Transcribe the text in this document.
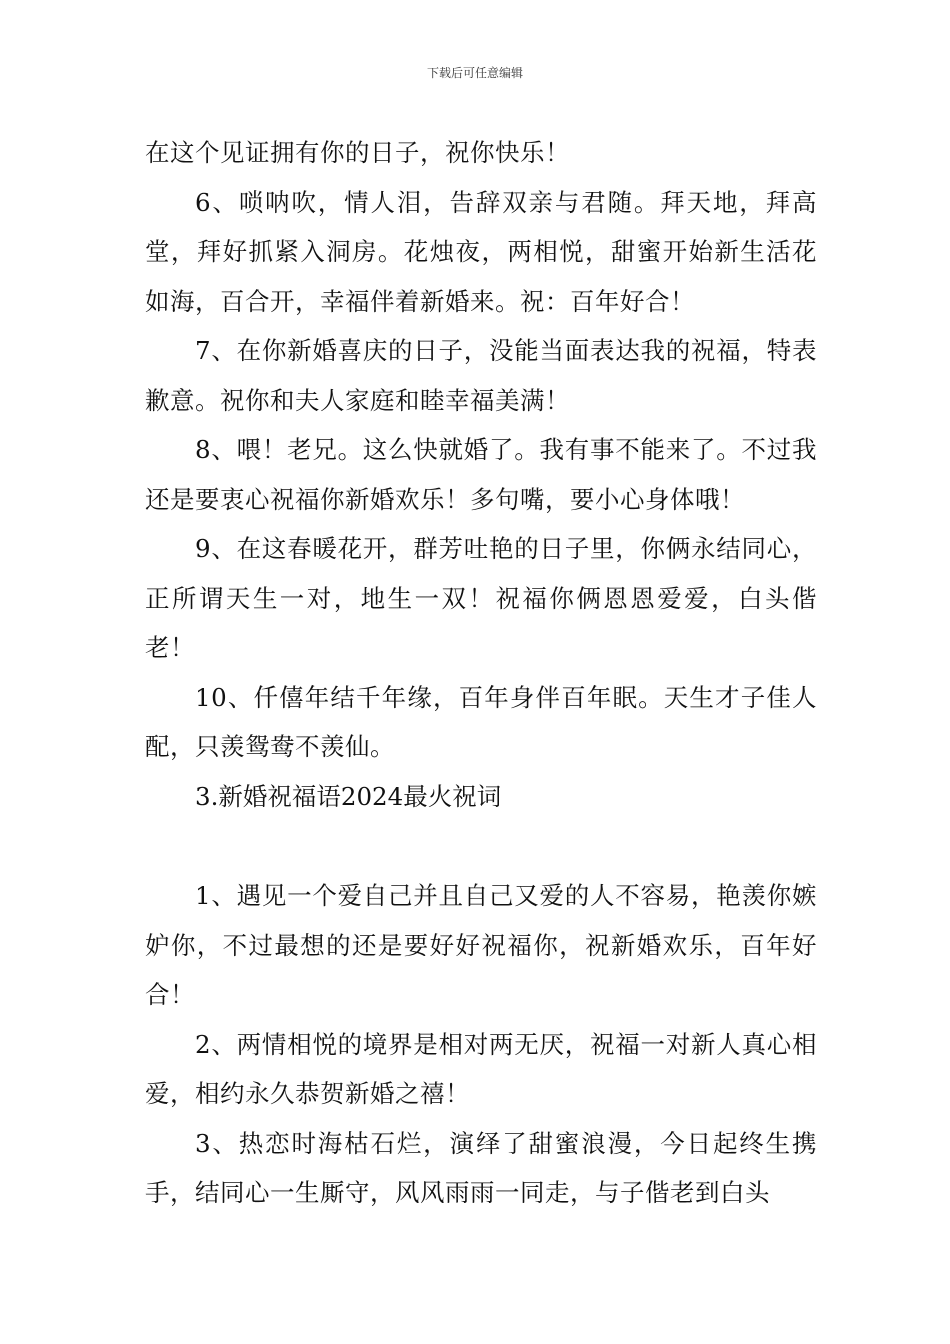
下载后可任意编辑

在这个见证拥有你的日子，祝你快乐！

6、唢呐吹，情人泪，告辞双亲与君随。拜天地，拜高堂，拜好抓紧入洞房。花烛夜，两相悦，甜蜜开始新生活花如海，百合开，幸福伴着新婚来。祝：百年好合！

7、在你新婚喜庆的日子，没能当面表达我的祝福，特表歉意。祝你和夫人家庭和睦幸福美满！

8、喂！老兄。这么快就婚了。我有事不能来了。不过我还是要衷心祝福你新婚欢乐！多句嘴，要小心身体哦！

9、在这春暖花开，群芳吐艳的日子里，你俩永结同心，正所谓天生一对，地生一双！祝福你俩恩恩爱爱，白头偕老！

10、仟僖年结千年缘，百年身伴百年眠。天生才子佳人配，只羡鸳鸯不羡仙。

3.新婚祝福语2024最火祝词

1、遇见一个爱自己并且自己又爱的人不容易，艳羡你嫉妒你，不过最想的还是要好好祝福你，祝新婚欢乐，百年好合！

2、两情相悦的境界是相对两无厌，祝福一对新人真心相爱，相约永久恭贺新婚之禧！

3、热恋时海枯石烂，演绎了甜蜜浪漫，今日起终生携手，结同心一生厮守，风风雨雨一同走，与子偕老到白头
